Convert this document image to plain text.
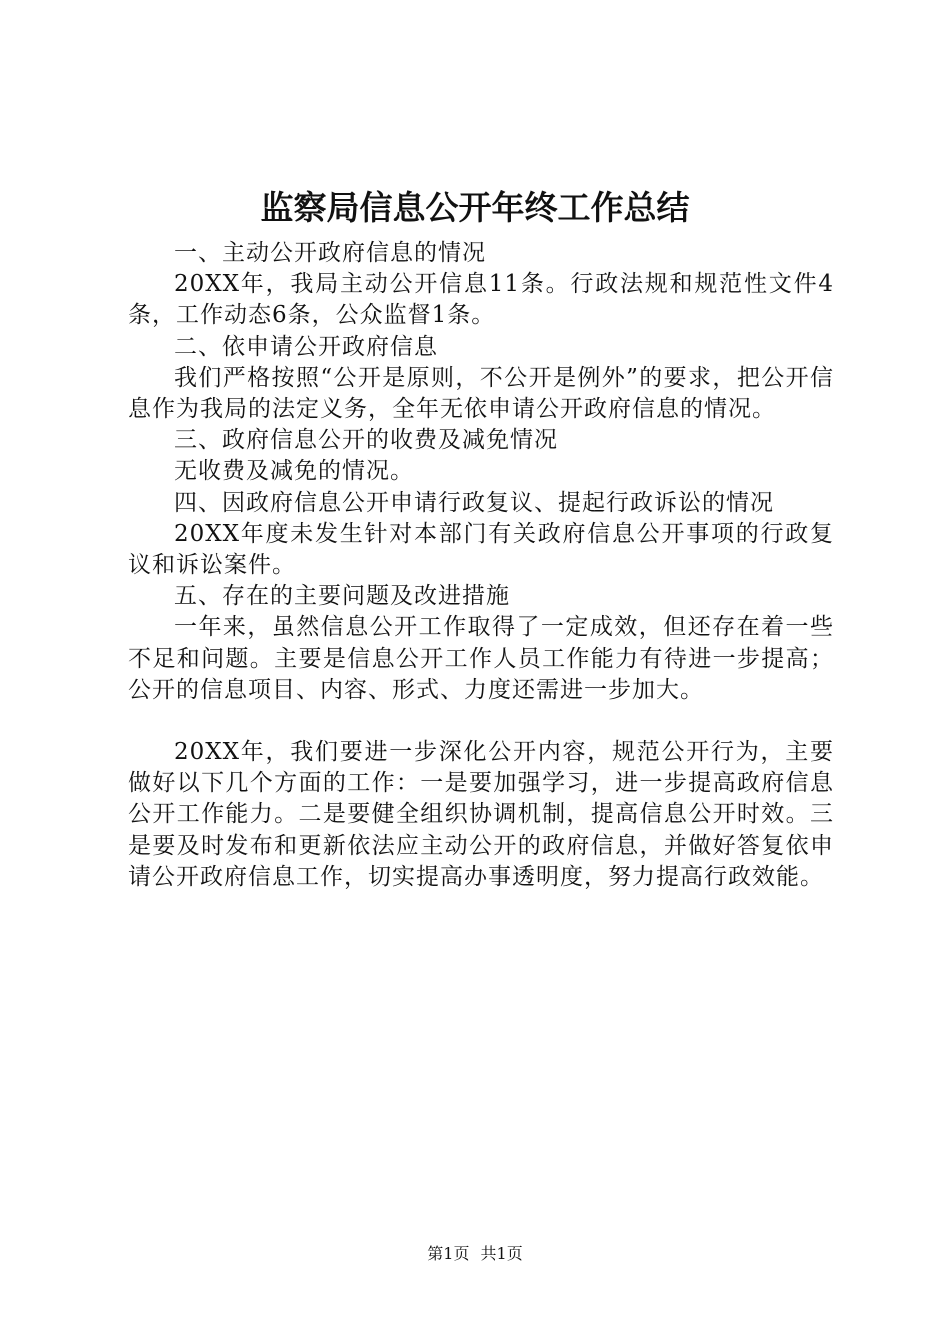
监察局信息公开年终工作总结

一、主动公开政府信息的情况

20XX年，我局主动公开信息11条。行政法规和规范性文件4条，工作动态6条，公众监督1条。

二、依申请公开政府信息

我们严格按照“公开是原则，不公开是例外”的要求，把公开信息作为我局的法定义务，全年无依申请公开政府信息的情况。

三、政府信息公开的收费及减免情况

无收费及减免的情况。

四、因政府信息公开申请行政复议、提起行政诉讼的情况

20XX年度未发生针对本部门有关政府信息公开事项的行政复议和诉讼案件。

五、存在的主要问题及改进措施

一年来，虽然信息公开工作取得了一定成效，但还存在着一些不足和问题。主要是信息公开工作人员工作能力有待进一步提高；公开的信息项目、内容、形式、力度还需进一步加大。

20XX年，我们要进一步深化公开内容，规范公开行为，主要做好以下几个方面的工作：一是要加强学习，进一步提高政府信息公开工作能力。二是要健全组织协调机制，提高信息公开时效。三是要及时发布和更新依法应主动公开的政府信息，并做好答复依申请公开政府信息工作，切实提高办事透明度，努力提高行政效能。

第1页 共1页
